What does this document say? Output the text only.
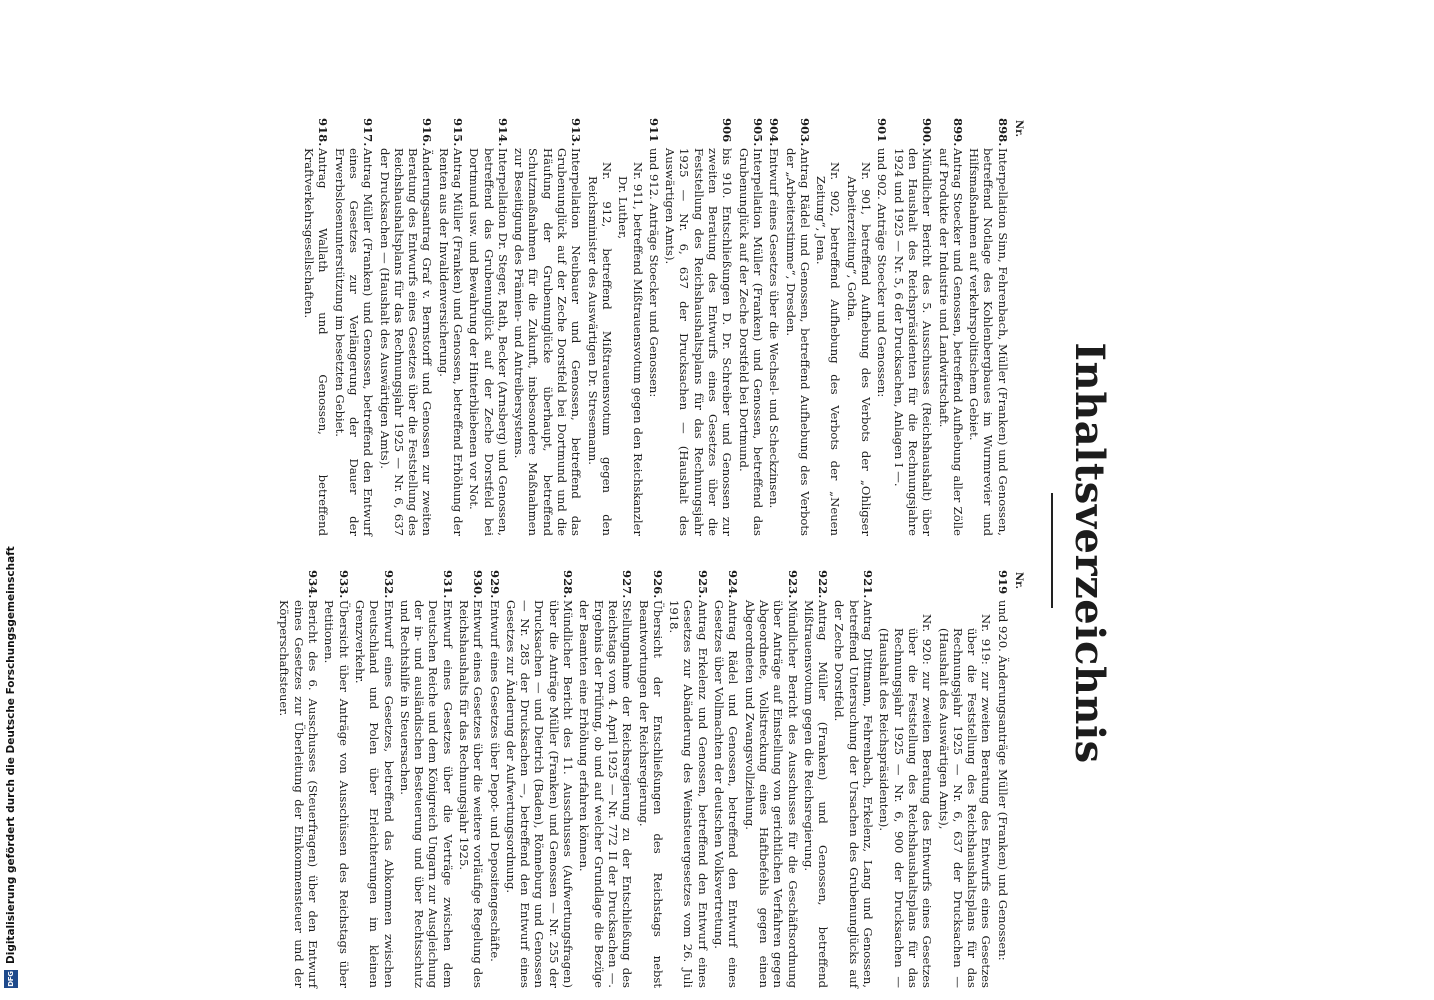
Inhaltsverzeichnis
Nr.
898.
Interpellation Sinn, Fehrenbach, Müller (Franken) und Genossen, betreffend Notlage des Kohlenbergbaues im Wurmrevier und Hilfsmaßnahmen auf verkehrspolitischem Gebiet.
899.
Antrag Stoecker und Genossen, betreffend Aufhebung aller Zölle auf Produkte der Industrie und Landwirtschaft.
900.
Mündlicher Bericht des 5. Ausschusses (Reichshaushalt) über den Haushalt des Reichspräsidenten für die Rechnungsjahre 1924 und 1925 — Nr. 5, 6 der Drucksachen, Anlagen I —.
901
und 902. Anträge Stoecker und Genossen:
Nr. 901, betreffend Aufhebung des Verbots der „Ohligser Arbeiterzeitung“, Gotha.
Nr. 902, betreffend Aufhebung des Verbots der „Neuen Zeitung“, Jena.
903.
Antrag Rädel und Genossen, betreffend Aufhebung des Verbots der „Arbeiterstimme“, Dresden.
904.
Entwurf eines Gesetzes über die Wechsel- und Scheckzinsen.
905.
Interpellation Müller (Franken) und Genossen, betreffend das Grubenunglück auf der Zeche Dorstfeld bei Dortmund.
906
bis 910. Entschließungen D. Dr. Schreiber und Genossen zur zweiten Beratung des Entwurfs eines Gesetzes über die Feststellung des Reichshaushaltsplans für das Rechnungsjahr 1925 — Nr. 6, 637 der Drucksachen — (Haushalt des Auswärtigen Amts).
911
und 912. Anträge Stoecker und Genossen:
Nr. 911, betreffend Mißtrauensvotum gegen den Reichskanzler Dr. Luther,
Nr. 912, betreffend Mißtrauensvotum gegen den Reichsminister des Auswärtigen Dr. Stresemann.
913.
Interpellation Neubauer und Genossen, betreffend das Grubenunglück auf der Zeche Dorstfeld bei Dortmund und die Häufung der Grubenunglücke überhaupt, betreffend Schutzmaßnahmen für die Zukunft, insbesondere Maßnahmen zur Beseitigung des Prämien- und Antreibersystems.
914.
Interpellation Dr. Steger, Rath, Becker (Arnsberg) und Genossen, betreffend das Grubenunglück auf der Zeche Dorstfeld bei Dortmund usw. und Bewahrung der Hinterbliebenen vor Not.
915.
Antrag Müller (Franken) und Genossen, betreffend Erhöhung der Renten aus der Invalidenversicherung.
916.
Änderungsantrag Graf v. Bernstorff und Genossen zur zweiten Beratung des Entwurfs eines Gesetzes über die Feststellung des Reichshaushaltsplans für das Rechnungsjahr 1925 — Nr. 6, 637 der Drucksachen — (Haushalt des Auswärtigen Amts).
917.
Antrag Müller (Franken) und Genossen, betreffend den Entwurf eines Gesetzes zur Verlängerung der Dauer der Erwerbslosenunterstützung im besetzten Gebiet.
918.
Antrag Wallath und Genossen, betreffend Kraftverkehrsgesellschaften.
Nr.
919
und 920. Änderungsanträge Müller (Franken) und Genossen:
Nr. 919: zur zweiten Beratung des Entwurfs eines Gesetzes über die Feststellung des Reichshaushaltsplans für das Rechnungsjahr 1925 — Nr. 6, 637 der Drucksachen — (Haushalt des Auswärtigen Amts),
Nr. 920: zur zweiten Beratung des Entwurfs eines Gesetzes über die Feststellung des Reichshaushaltsplans für das Rechnungsjahr 1925 — Nr. 6, 900 der Drucksachen — (Haushalt des Reichspräsidenten).
921.
Antrag Dittmann, Fehrenbach, Erkelenz, Lang und Genossen, betreffend Untersuchung der Ursachen des Grubenunglücks auf der Zeche Dorstfeld.
922.
Antrag Müller (Franken) und Genossen, betreffend Mißtrauensvotum gegen die Reichsregierung.
923.
Mündlicher Bericht des Ausschusses für die Geschäftsordnung über Anträge auf Einstellung von gerichtlichen Verfahren gegen Abgeordnete, Vollstreckung eines Haftbefehls gegen einen Abgeordneten und Zwangsvollziehung.
924.
Antrag Rädel und Genossen, betreffend den Entwurf eines Gesetzes über Vollmachten der deutschen Volksvertretung.
925.
Antrag Erkelenz und Genossen, betreffend den Entwurf eines Gesetzes zur Abänderung des Weinsteuergesetzes vom 26. Juli 1918.
926.
Übersicht der Entschließungen des Reichstags nebst Beantwortungen der Reichsregierung.
927.
Stellungnahme der Reichsregierung zu der Entschließung des Reichstags vom 4. April 1925 — Nr. 772 II der Drucksachen —. Ergebnis der Prüfung, ob und auf welcher Grundlage die Bezüge der Beamten eine Erhöhung erfahren können.
928.
Mündlicher Bericht des 11. Ausschusses (Aufwertungsfragen) über die Anträge Müller (Franken) und Genossen — Nr. 255 der Drucksachen — und Dietrich (Baden), Rönneburg und Genossen — Nr. 285 der Drucksachen —, betreffend den Entwurf eines Gesetzes zur Änderung der Aufwertungsordnung.
929.
Entwurf eines Gesetzes über Depot- und Depositengeschäfte.
930.
Entwurf eines Gesetzes über die weitere vorläufige Regelung des Reichshaushalts für das Rechnungsjahr 1925.
931.
Entwurf eines Gesetzes über die Verträge zwischen dem Deutschen Reiche und dem Königreich Ungarn zur Ausgleichung der in- und ausländischen Besteuerung und über Rechtsschutz und Rechtshilfe in Steuersachen.
932.
Entwurf eines Gesetzes, betreffend das Abkommen zwischen Deutschland und Polen über Erleichterungen im kleinen Grenzverkehr.
933.
Übersicht über Anträge von Ausschüssen des Reichstags über Petitionen.
934.
Bericht des 6. Ausschusses (Steuerfragen) über den Entwurf eines Gesetzes zur Überleitung der Einkommensteuer und der Körperschaftsteuer.
DFG
Digitalisierung gefördert durch die Deutsche Forschungsgemeinschaft
